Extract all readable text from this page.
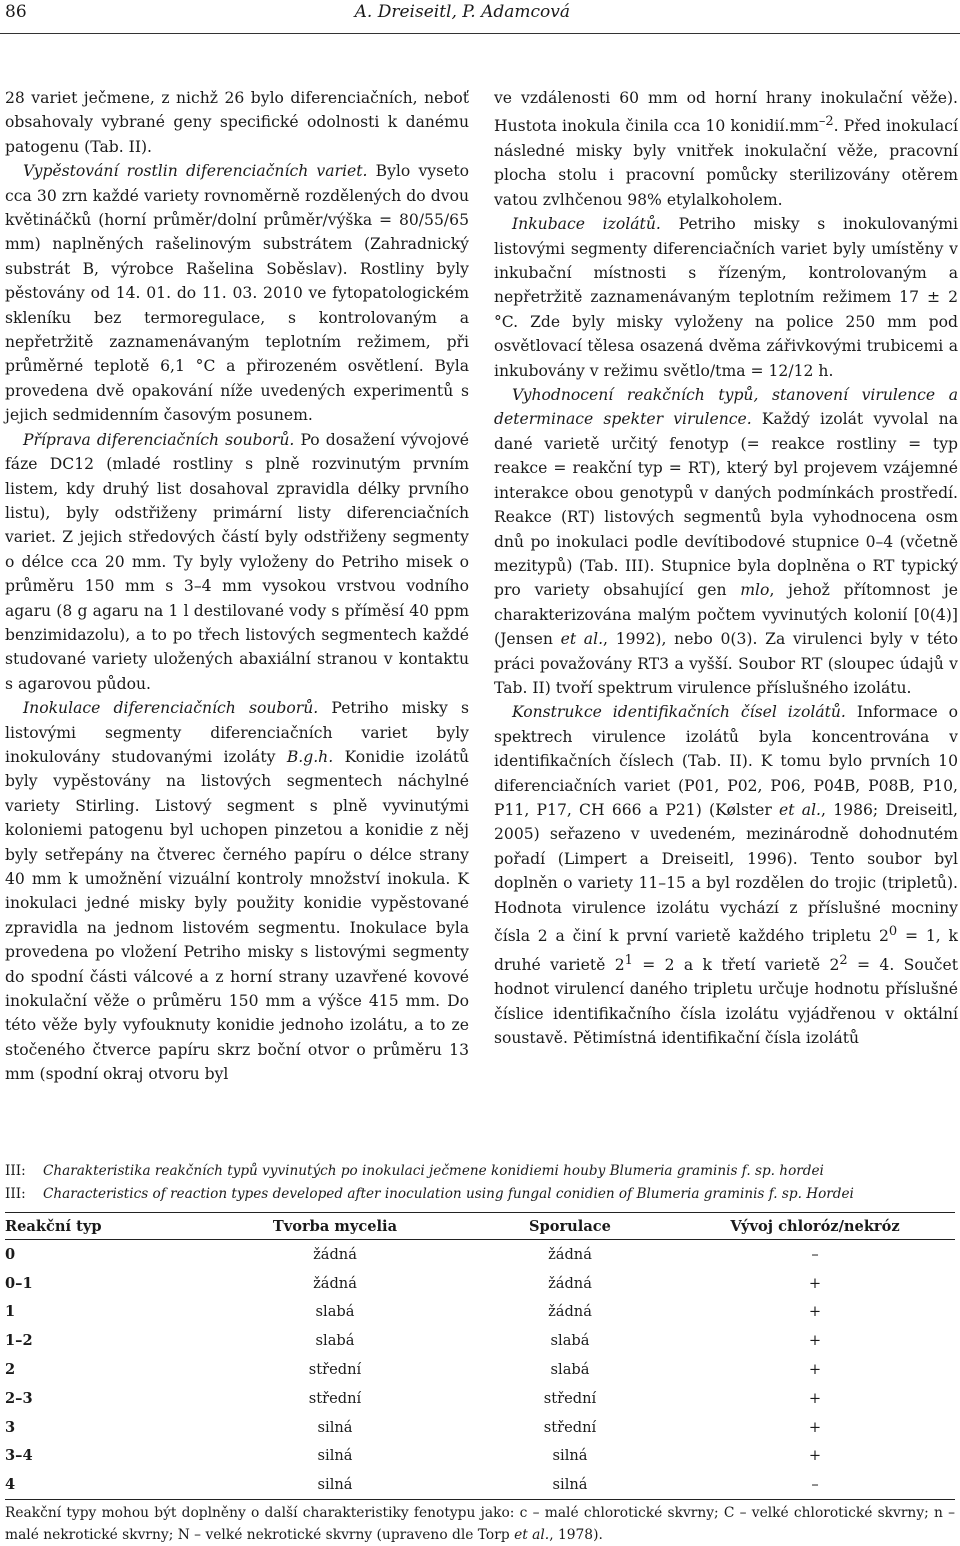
86	A. Dreiseitl, P. Adamcová

28 variet ječmene, z nichž 26 bylo diferenciačních, neboť obsahovaly vybrané geny specifické odolnosti k danému patogenu (Tab. II).

Vypěstování rostlin diferenciačních variet. Bylo vyseto cca 30 zrn každé variety rovnoměrně rozdělených do dvou květináčků (horní průměr/dolní průměr/výška = 80/55/65 mm) naplněných rašelinovým substrátem (Zahradnický substrát B, výrobce Rašelina Soběslav). Rostliny byly pěstovány od 14. 01. do 11. 03. 2010 ve fytopatologickém skleníku bez termoregulace, s kontrolovaným a nepřetržitě zaznamenávaným teplotním režimem, při průměrné teplotě 6,1 °C a přirozeném osvětlení. Byla provedena dvě opakování níže uvedených experimentů s jejich sedmidenním časovým posunem.

Příprava diferenciačních souborů. Po dosažení vývojové fáze DC12 (mladé rostliny s plně rozvinutým prvním listem, kdy druhý list dosahoval zpravidla délky prvního listu), byly odstřiženy primární listy diferenciačních variet. Z jejich středových částí byly odstřiženy segmenty o délce cca 20 mm. Ty byly vyloženy do Petriho misek o průměru 150 mm s 3–4 mm vysokou vrstvou vodního agaru (8 g agaru na 1 l destilované vody s příměsí 40 ppm benzimidazolu), a to po třech listových segmentech každé studované variety uložených abaxiální stranou v kontaktu s agarovou půdou.

Inokulace diferenciačních souborů. Petriho misky s listovými segmenty diferenciačních variet byly inokulovány studovanými izoláty B.g.h. Konidie izolátů byly vypěstovány na listových segmentech náchylné variety Stirling. Listový segment s plně vyvinutými koloniemi patogenu byl uchopen pinzetou a konidie z něj byly setřepány na čtverec černého papíru o délce strany 40 mm k umožnění vizuální kontroly množství inokula. K inokulaci jedné misky byly použity konidie vypěstované zpravidla na jednom listovém segmentu. Inokulace byla provedena po vložení Petriho misky s listovými segmenty do spodní části válcové a z horní strany uzavřené kovové inokulační věže o průměru 150 mm a výšce 415 mm. Do této věže byly vyfouknuty konidie jednoho izolátu, a to ze stočeného čtverce papíru skrz boční otvor o průměru 13 mm (spodní okraj otvoru byl

ve vzdálenosti 60 mm od horní hrany inokulační věže). Hustota inokula činila cca 10 $konidií.mm^{-2}$. Před inokulací následné misky byly vnitřek inokulační věže, pracovní plocha stolu i pracovní pomůcky sterilizovány otěrem vatou zvlhčenou 98% etylalkoholem.

Inkubace izolátů. Petriho misky s inokulovanými listovými segmenty diferenciačních variet byly umístěny v inkubační místnosti s řízeným, kontrolovaným a nepřetržitě zaznamenávaným teplotním režimem 17 ± 2 °C. Zde byly misky vyloženy na police 250 mm pod osvětlovací tělesa osazená dvěma zářivkovými trubicemi a inkubovány v režimu světlo/tma = 12/12 h.

Vyhodnocení reakčních typů, stanovení virulence a determinace spekter virulence. Každý izolát vyvolal na dané varietě určitý fenotyp (= reakce rostliny = typ reakce = reakční typ = RT), který byl projevem vzájemné interakce obou genotypů v daných podmínkách prostředí. Reakce (RT) listových segmentů byla vyhodnocena osm dnů po inokulaci podle devítibodové stupnice 0–4 (včetně mezitypů) (Tab. III). Stupnice byla doplněna o RT typický pro variety obsahující gen mlo, jehož přítomnost je charakterizována malým počtem vyvinutých kolonií [0(4)] (Jensen et al., 1992), nebo 0(3). Za virulenci byly v této práci považovány RT3 a vyšší. Soubor RT (sloupec údajů v Tab. II) tvoří spektrum virulence příslušného izolátu.

Konstrukce identifikačních čísel izolátů. Informace o spektrech virulence izolátů byla koncentrována v identifikačních číslech (Tab. II). K tomu bylo prvních 10 diferenciačních variet (P01, P02, P06, P04B, P08B, P10, P11, P17, CH 666 a P21) (Kølster et al., 1986; Dreiseitl, 2005) seřazeno v uvedeném, mezinárodně dohodnutém pořadí (Limpert a Dreiseitl, 1996). Tento soubor byl doplněn o variety 11–15 a byl rozdělen do trojic (tripletů). Hodnota virulence izolátu vychází z příslušné mocniny čísla 2 a činí k první varietě každého tripletu $2^0 = 1$, k druhé varietě $2^1 = 2$ a k třetí varietě $2^2 = 4$. Součet hodnot virulencí daného tripletu určuje hodnotu příslušné číslice identifikačního čísla izolátu vyjádřenou v oktální soustavě. Pětimístná identifikační čísla izolátů

III:	Charakteristika reakčních typů vyvinutých po inokulaci ječmene konidiemi houby Blumeria graminis f. sp. hordei
III:	Characteristics of reaction types developed after inoculation using fungal conidien of Blumeria graminis f. sp. Hordei
Reakční typ	Tvorba mycelia	Sporulace	Vývoj chloróz/nekróz
0	žádná	žádná	–
0–1	žádná	žádná	+
1	slabá	žádná	+
1–2	slabá	slabá	+
2	střední	slabá	+
2–3	střední	střední	+
3	silná	střední	+
3–4	silná	silná	+
4	silná	silná	–
Reakční typy mohou být doplněny o další charakteristiky fenotypu jako: c – malé chlorotické skvrny; C – velké chlorotické skvrny; n – malé nekrotické skvrny; N – velké nekrotické skvrny (upraveno dle Torp et al., 1978).
